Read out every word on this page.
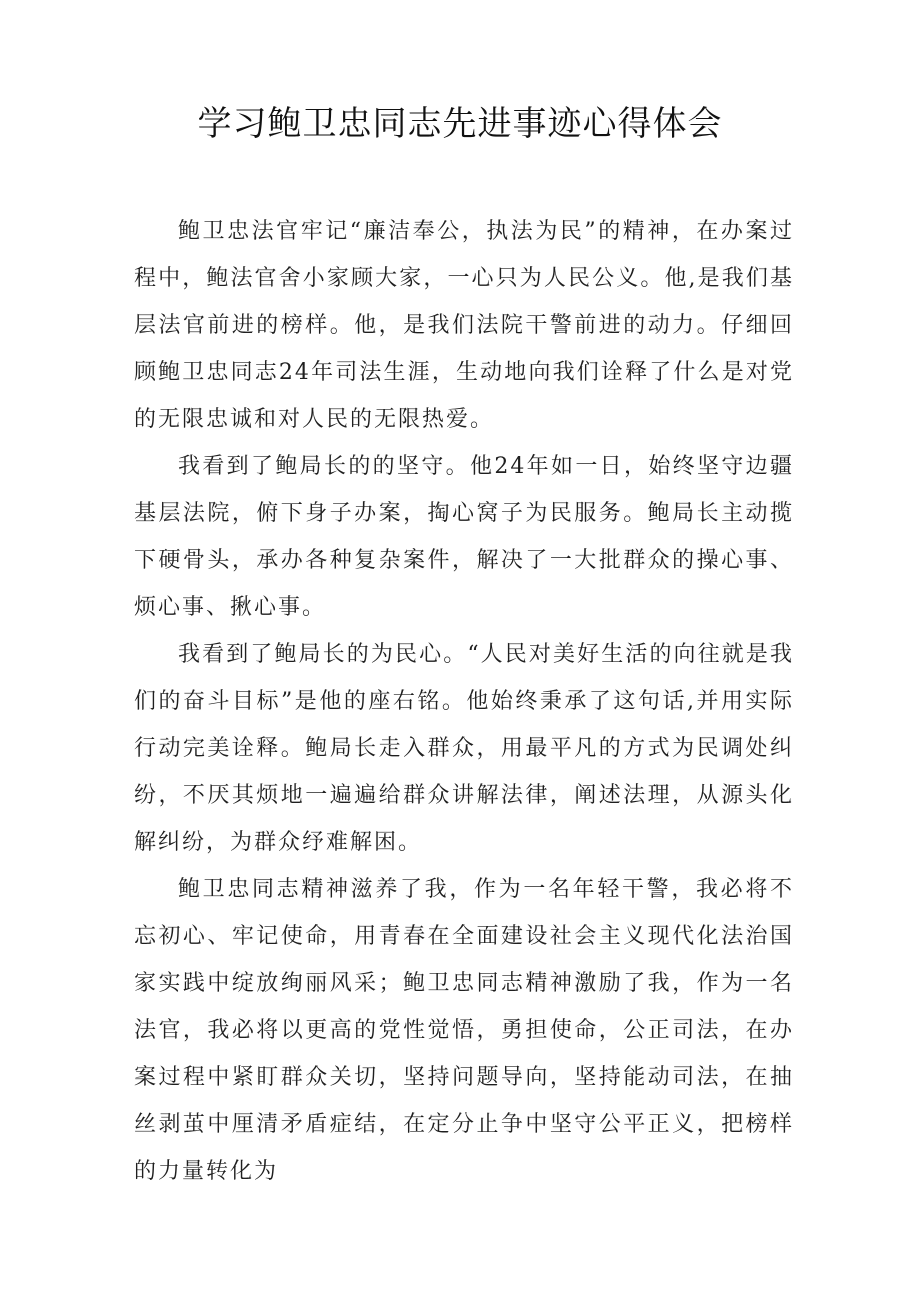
学习鲍卫忠同志先进事迹心得体会

鲍卫忠法官牢记“廉洁奉公，执法为民”的精神，在办案过程中，鲍法官舍小家顾大家，一心只为人民公义。他,是我们基层法官前进的榜样。他，是我们法院干警前进的动力。仔细回顾鲍卫忠同志24年司法生涯，生动地向我们诠释了什么是对党的无限忠诚和对人民的无限热爱。

我看到了鲍局长的的坚守。他24年如一日，始终坚守边疆基层法院，俯下身子办案，掏心窝子为民服务。鲍局长主动揽下硬骨头，承办各种复杂案件，解决了一大批群众的操心事、烦心事、揪心事。

我看到了鲍局长的为民心。“人民对美好生活的向往就是我们的奋斗目标”是他的座右铭。他始终秉承了这句话,并用实际行动完美诠释。鲍局长走入群众，用最平凡的方式为民调处纠纷，不厌其烦地一遍遍给群众讲解法律，阐述法理，从源头化解纠纷，为群众纾难解困。

鲍卫忠同志精神滋养了我，作为一名年轻干警，我必将不忘初心、牢记使命，用青春在全面建设社会主义现代化法治国家实践中绽放绚丽风采；鲍卫忠同志精神激励了我，作为一名法官，我必将以更高的党性觉悟，勇担使命，公正司法，在办案过程中紧盯群众关切，坚持问题导向，坚持能动司法，在抽丝剥茧中厘清矛盾症结，在定分止争中坚守公平正义，把榜样的力量转化为
